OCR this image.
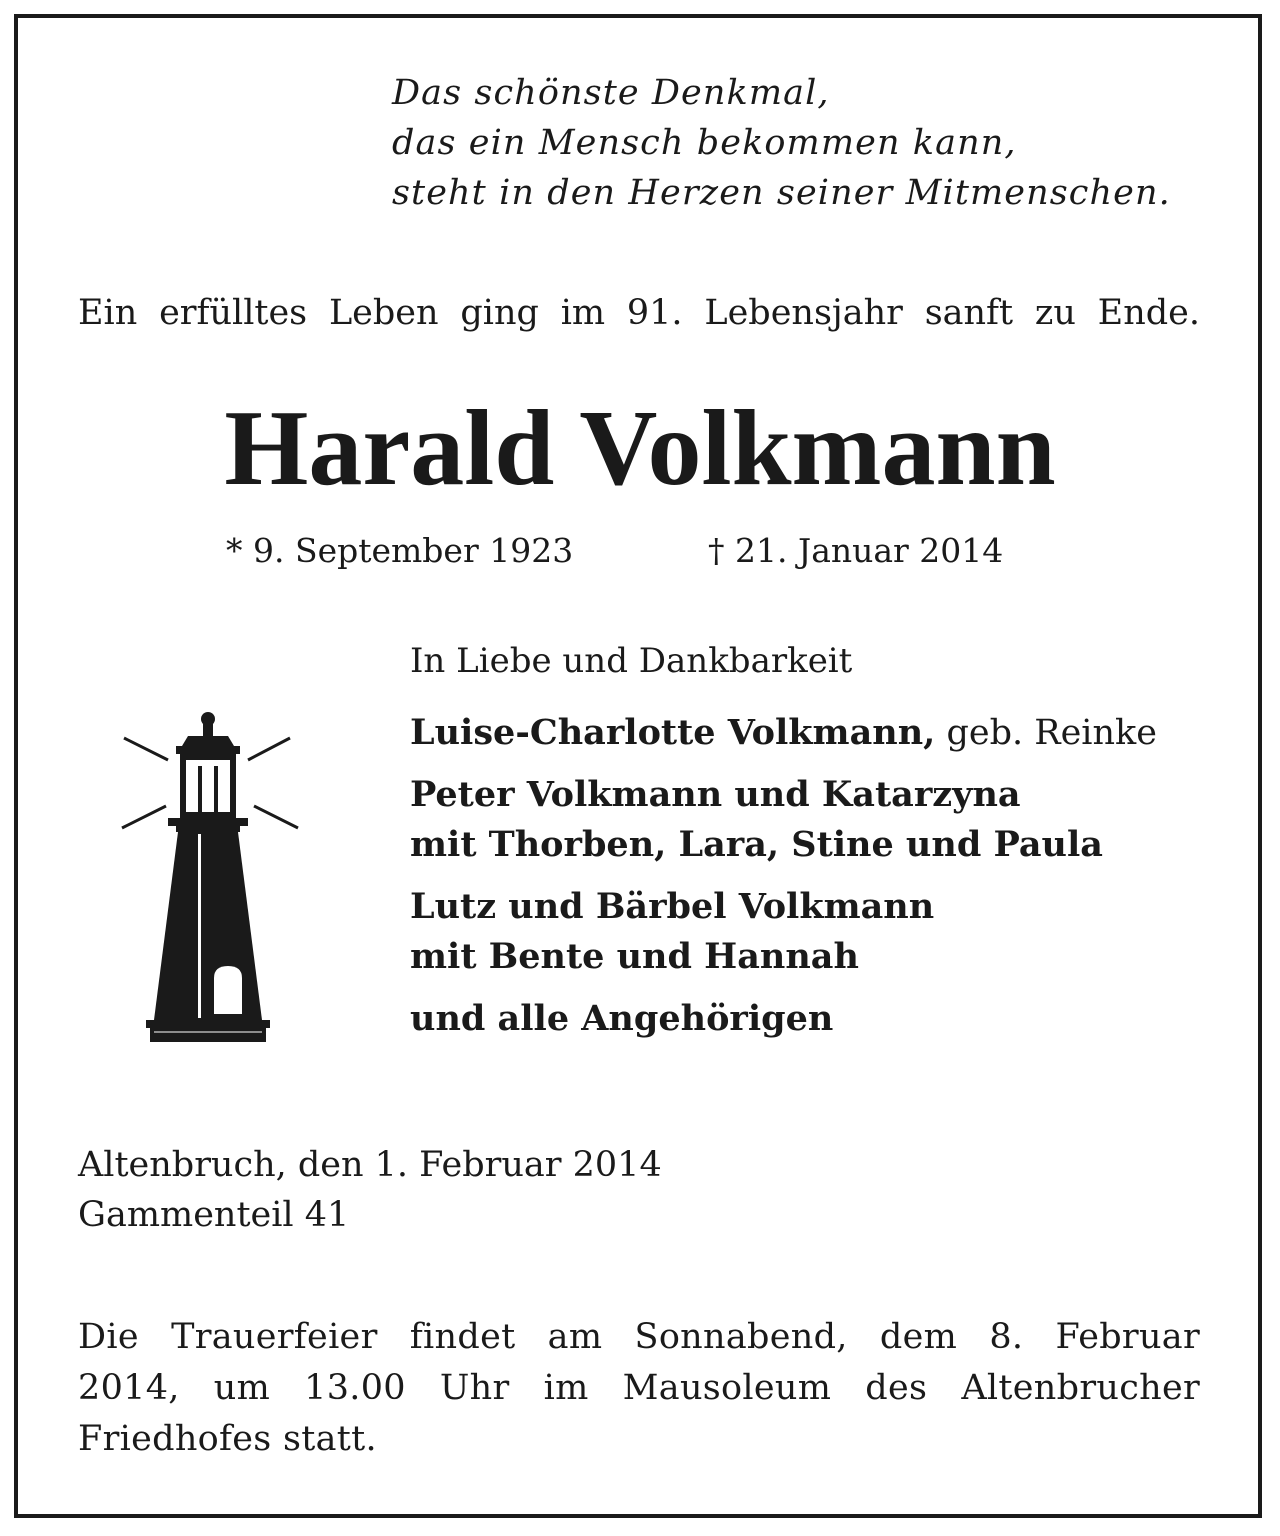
Das schönste Denkmal,
das ein Mensch bekommen kann,
steht in den Herzen seiner Mitmenschen.
Ein erfülltes Leben ging im 91. Lebensjahr sanft zu Ende.
Harald Volkmann
* 9. September 1923	† 21. Januar 2014
In Liebe und Dankbarkeit
Luise-Charlotte Volkmann, geb. Reinke
Peter Volkmann und Katarzyna
mit Thorben, Lara, Stine und Paula
Lutz und Bärbel Volkmann
mit Bente und Hannah
und alle Angehörigen
Altenbruch, den 1. Februar 2014
Gammenteil 41
Die Trauerfeier findet am Sonnabend, dem 8. Februar
2014, um 13.00 Uhr im Mausoleum des Altenbrucher
Friedhofes statt.
